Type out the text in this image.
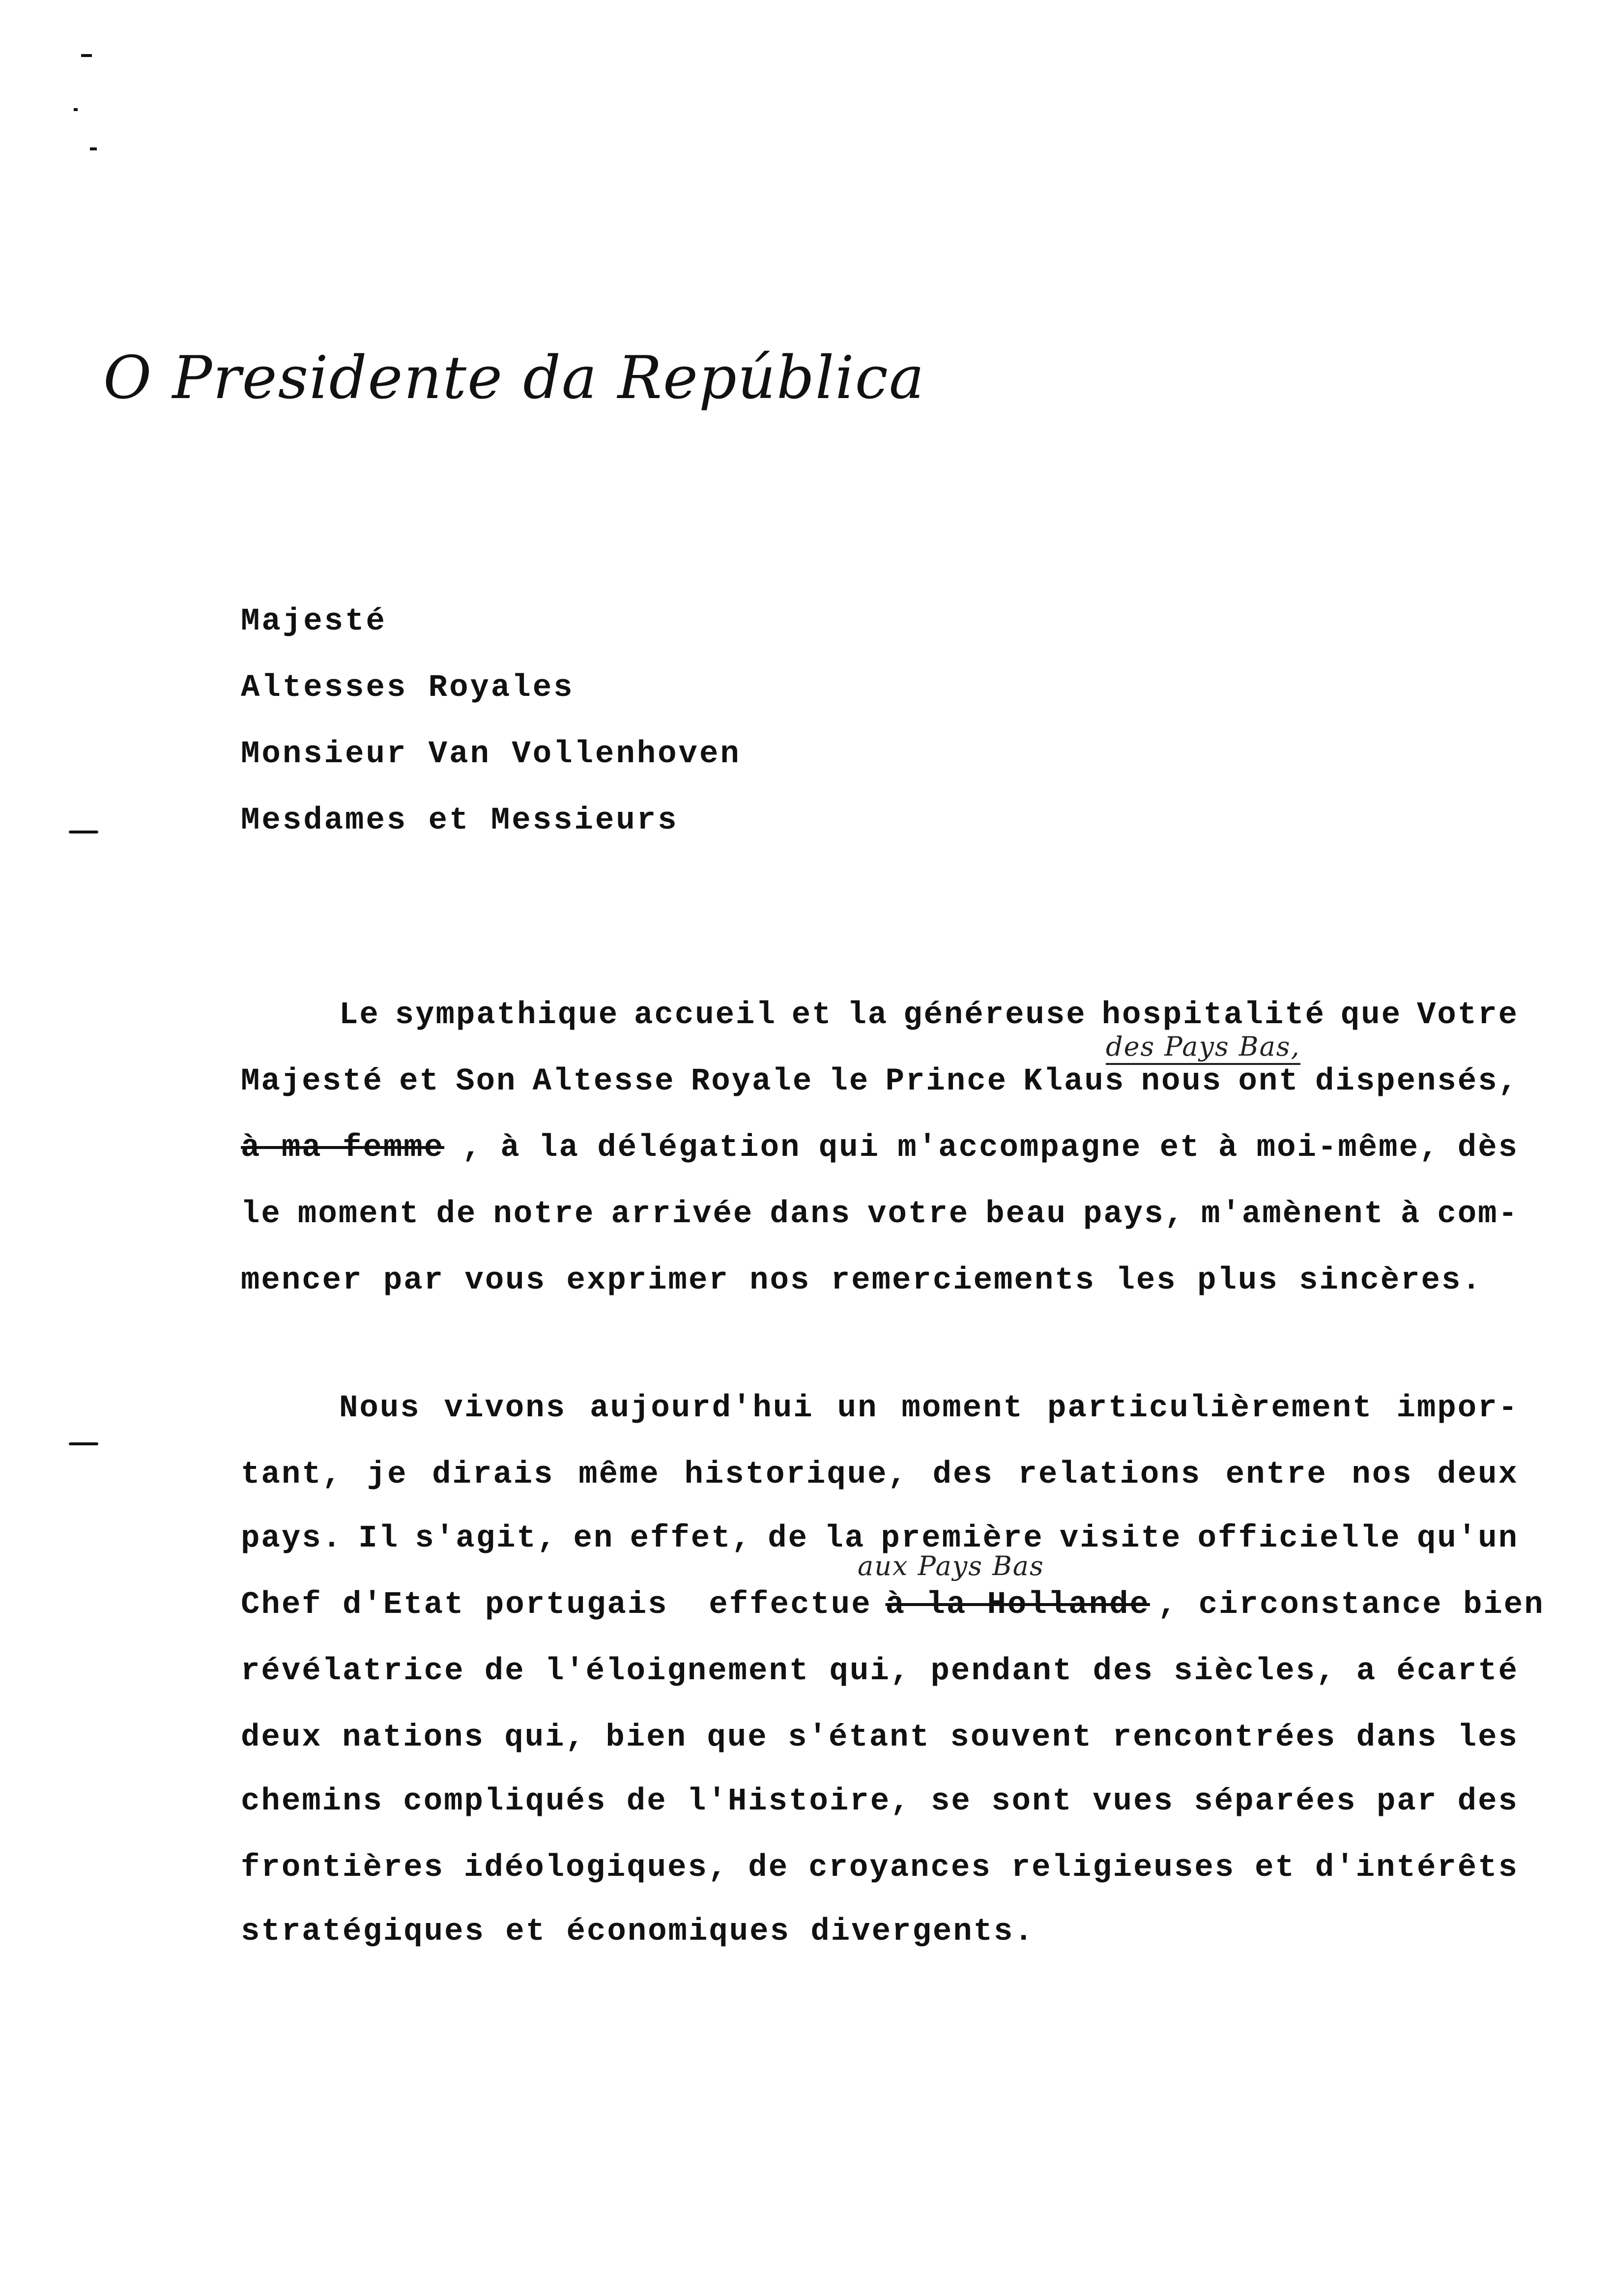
O Presidente da República
Majesté
Altesses Royales
Monsieur Van Vollenhoven
Mesdames et Messieurs
Le sympathique accueil et la généreuse hospitalité que Votre
des Pays Bas,
Majesté et Son Altesse Royale le Prince Klaus nous ont dispensés,
à ma femme , à la délégation qui m'accompagne et à moi-même, dès
le moment de notre arrivée dans votre beau pays, m'amènent à com-
mencer par vous exprimer nos remerciements les plus sincères.
Nous vivons aujourd'hui un moment particulièrement impor-
tant, je dirais même historique, des relations entre nos deux
pays. Il s'agit, en effet, de la première visite officielle qu'un
aux Pays Bas
Chef d'Etat portugais  effectue à la Hollande , circonstance bien
révélatrice de l'éloignement qui, pendant des siècles, a écarté
deux nations qui, bien que s'étant souvent rencontrées dans les
chemins compliqués de l'Histoire, se sont vues séparées par des
frontières idéologiques, de croyances religieuses et d'intérêts
stratégiques et économiques divergents.
